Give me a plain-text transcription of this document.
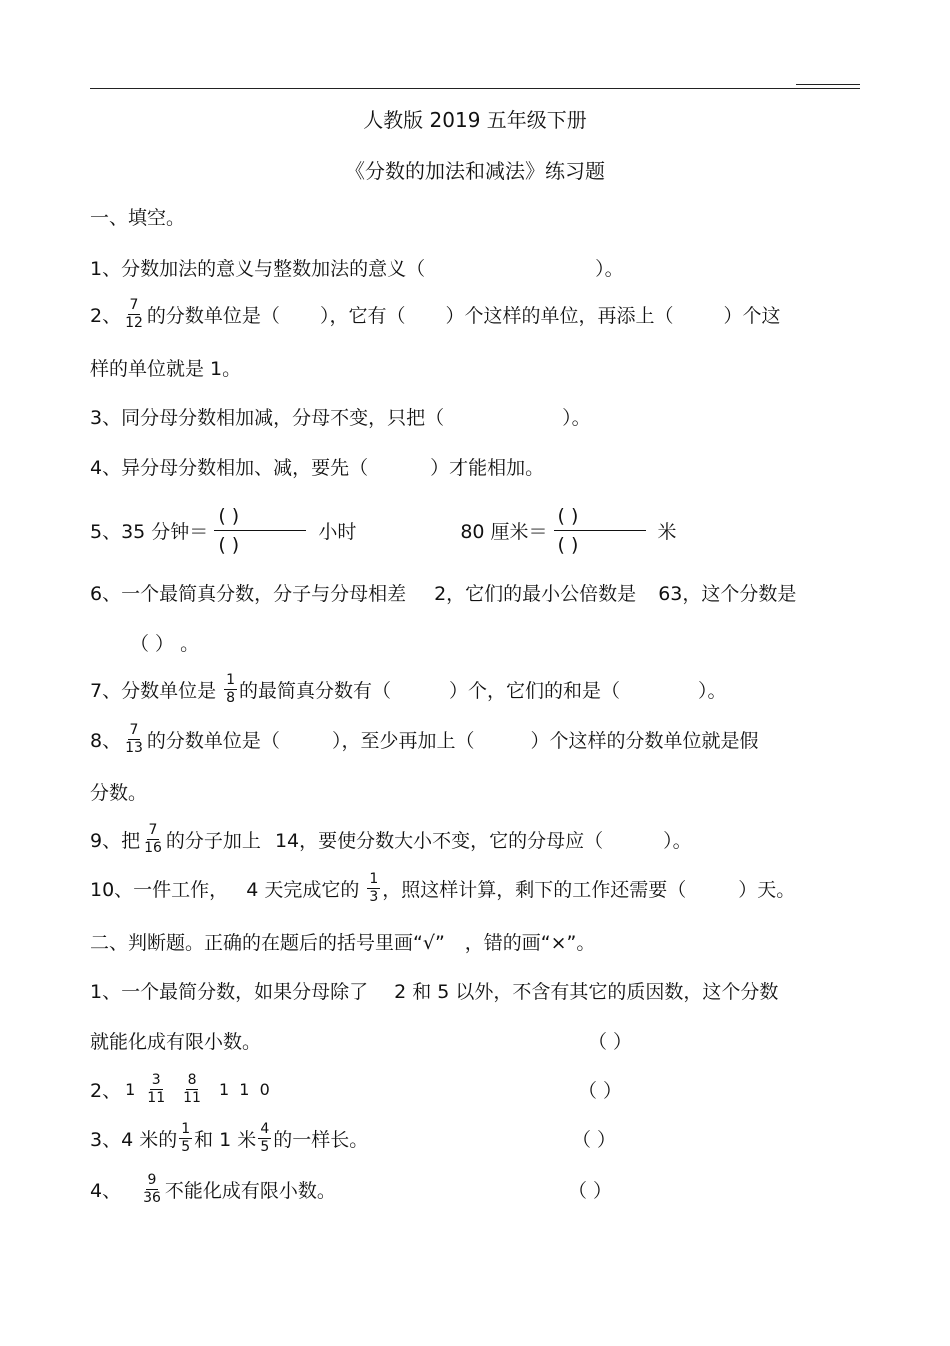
人教版 2019 五年级下册
《分数的加法和减法》练习题
一、填空。
1、分数加法的意义与整数加法的意义（	）。
2、 $\frac{7}{12}$ 的分数单位是（ ），它有（ ）个这样的单位，再添上（	）个这
样的单位就是 1。
3、同分母分数相加减，分母不变，只把（	）。
4、异分母分数相加、减，要先（	）才能相加。
5、35 分钟＝ $\frac{( )}{( )}$ 小时	80 厘米＝ $\frac{( )}{( )}$ 米
6、一个最简真分数，分子与分母相差 2，它们的最小公倍数是 63，这个分数是
（ ） 。
7、分数单位是 $\frac{1}{8}$ 的最简真分数有（	）个，它们的和是（	）。
8、 $\frac{7}{13}$ 的分数单位是（	），至少再加上（	）个这样的分数单位就是假
分数。
9、把 $\frac{7}{16}$ 的分子加上 14，要使分数大小不变，它的分母应（	）。
10、一件工作， 4 天完成它的 $\frac{1}{3}$ ，照这样计算，剩下的工作还需要（	）天。
二、判断题。正确的在题后的括号里画“√” ，错的画“×”。
1、一个最简分数，如果分母除了 2 和 5 以外，不含有其它的质因数，这个分数
就能化成有限小数。	（ ）
2、 $1 \frac{3}{11} \frac{8}{11} 1$  1  0	（ ）
3、4 米的 $\frac{1}{5}$ 和 1 米 $\frac{4}{5}$ 的一样长。	（ ）
4、 $\frac{9}{36}$ 不能化成有限小数。	（ ）
